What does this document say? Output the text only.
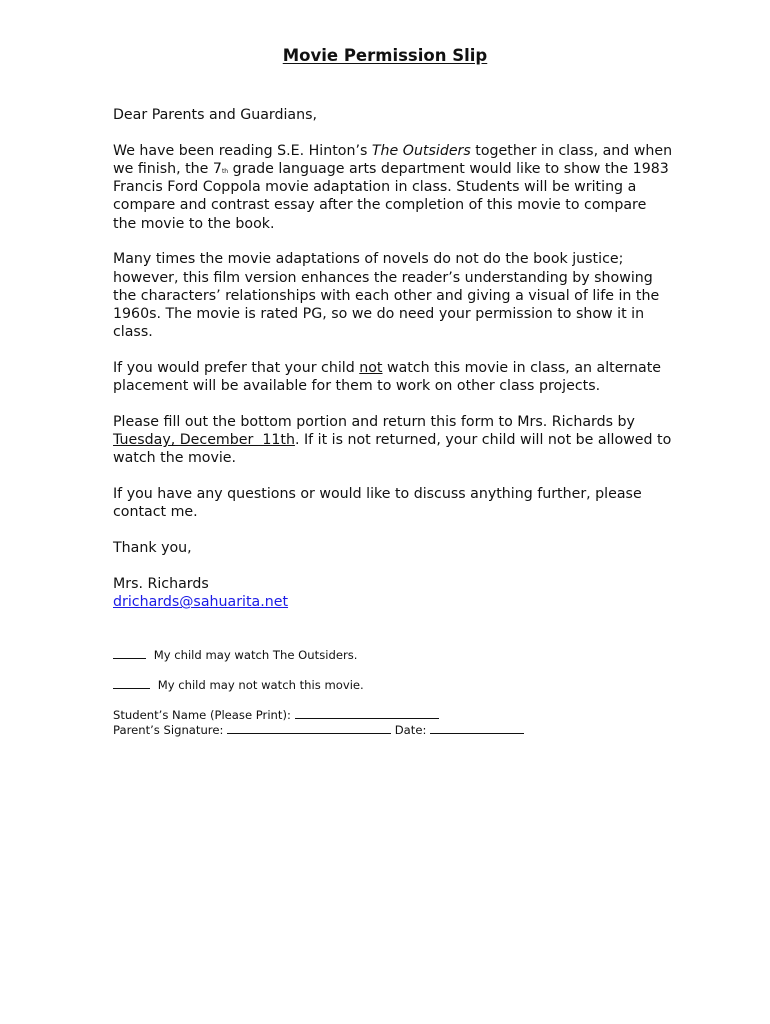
Movie Permission Slip

Dear Parents and Guardians,

We have been reading S.E. Hinton’s The Outsiders together in class, and when we finish, the 7th grade language arts department would like to show the 1983 Francis Ford Coppola movie adaptation in class. Students will be writing a compare and contrast essay after the completion of this movie to compare the movie to the book.

Many times the movie adaptations of novels do not do the book justice; however, this film version enhances the reader’s understanding by showing the characters’ relationships with each other and giving a visual of life in the 1960s. The movie is rated PG, so we do need your permission to show it in class.

If you would prefer that your child not watch this movie in class, an alternate placement will be available for them to work on other class projects.

Please fill out the bottom portion and return this form to Mrs. Richards by Tuesday, December  11th. If it is not returned, your child will not be allowed to watch the movie.

If you have any questions or would like to discuss anything further, please contact me.

Thank you,

Mrs. Richards
drichards@sahuarita.net

My child may watch The Outsiders.
My child may not watch this movie.
Student’s Name (Please Print):
Parent’s Signature:	Date:
